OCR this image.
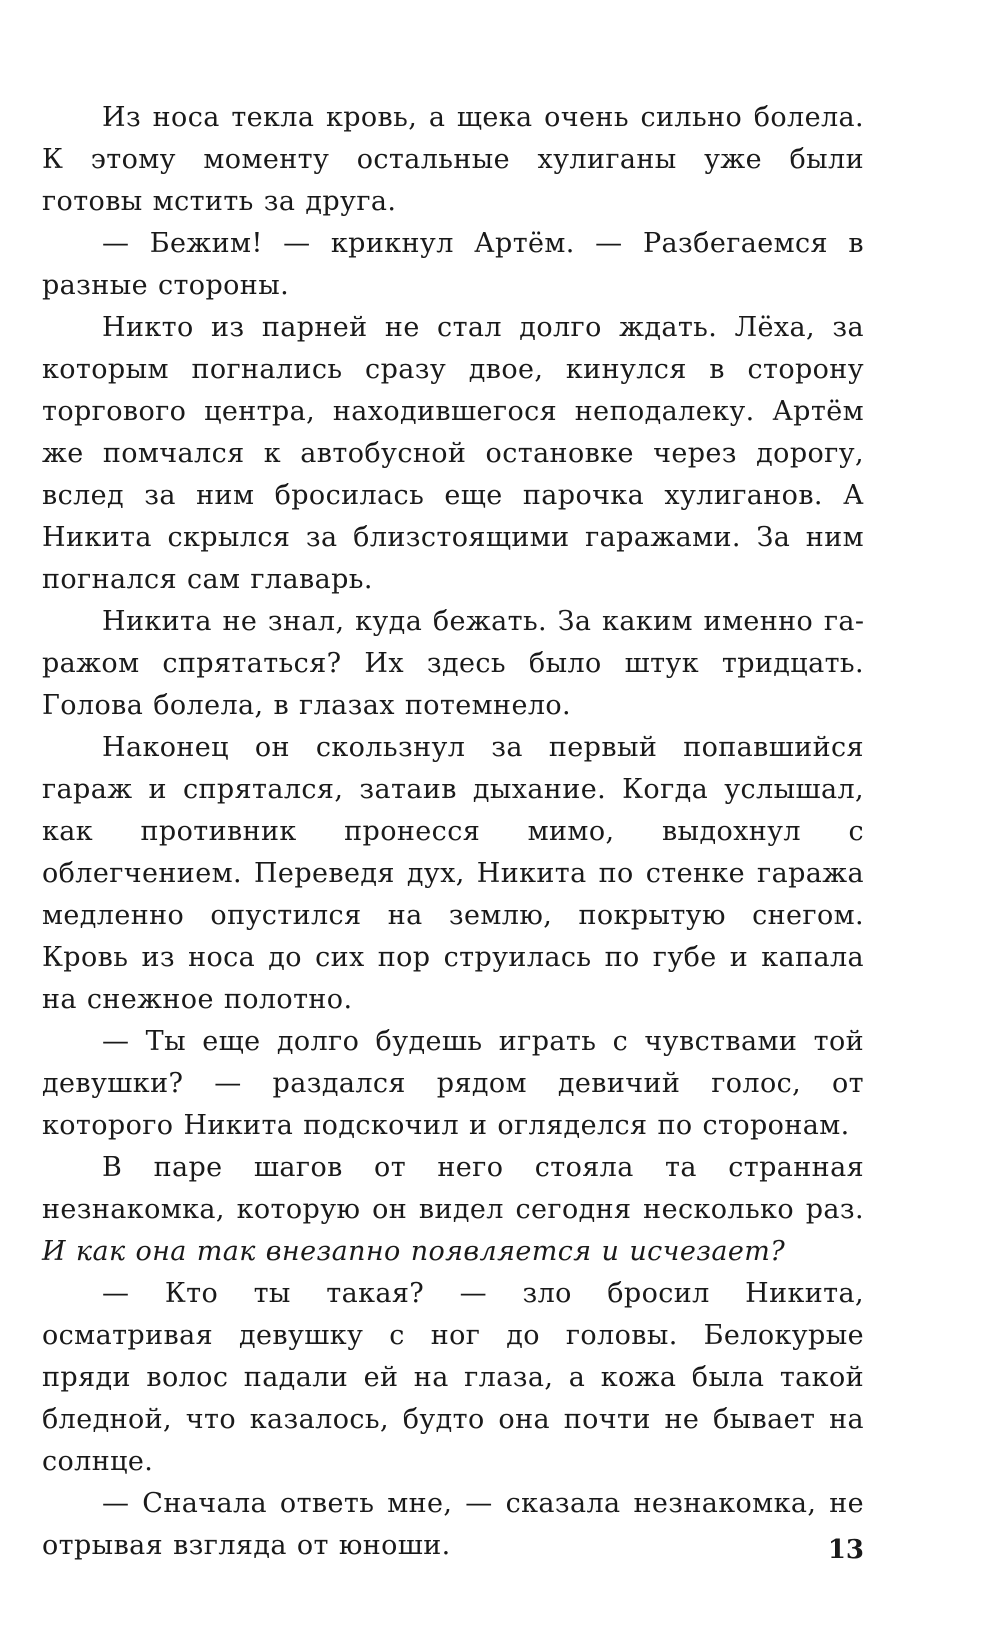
Из носа текла кровь, а щека очень сильно болела. К этому моменту остальные хулиганы уже были готовы мстить за друга.

— Бежим! — крикнул Артём. — Разбегаемся в разные стороны.

Никто из парней не стал долго ждать. Лёха, за которым погнались сразу двое, кинулся в сторону торгового центра, находившегося неподалеку. Артём же помчался к автобусной остановке через дорогу, вслед за ним бросилась еще парочка хулиганов. А Никита скрылся за близстоящими гаражами. За ним погнался сам главарь.

Никита не знал, куда бежать. За каким именно гаражом спрятаться? Их здесь было штук тридцать. Голова болела, в глазах потемнело.

Наконец он скользнул за первый попавшийся гараж и спрятался, затаив дыхание. Когда услышал, как противник пронесся мимо, выдохнул с облегчением. Переведя дух, Никита по стенке гаража медленно опустился на землю, покрытую снегом. Кровь из носа до сих пор струилась по губе и капала на снежное полотно.

— Ты еще долго будешь играть с чувствами той девушки? — раздался рядом девичий голос, от которого Никита подскочил и огляделся по сторонам.

В паре шагов от него стояла та странная незнакомка, которую он видел сегодня несколько раз. И как она так внезапно появляется и исчезает?

— Кто ты такая? — зло бросил Никита, осматривая девушку с ног до головы. Белокурые пряди волос падали ей на глаза, а кожа была такой бледной, что казалось, будто она почти не бывает на солнце.

— Сначала ответь мне, — сказала незнакомка, не отрывая взгляда от юноши.	13
